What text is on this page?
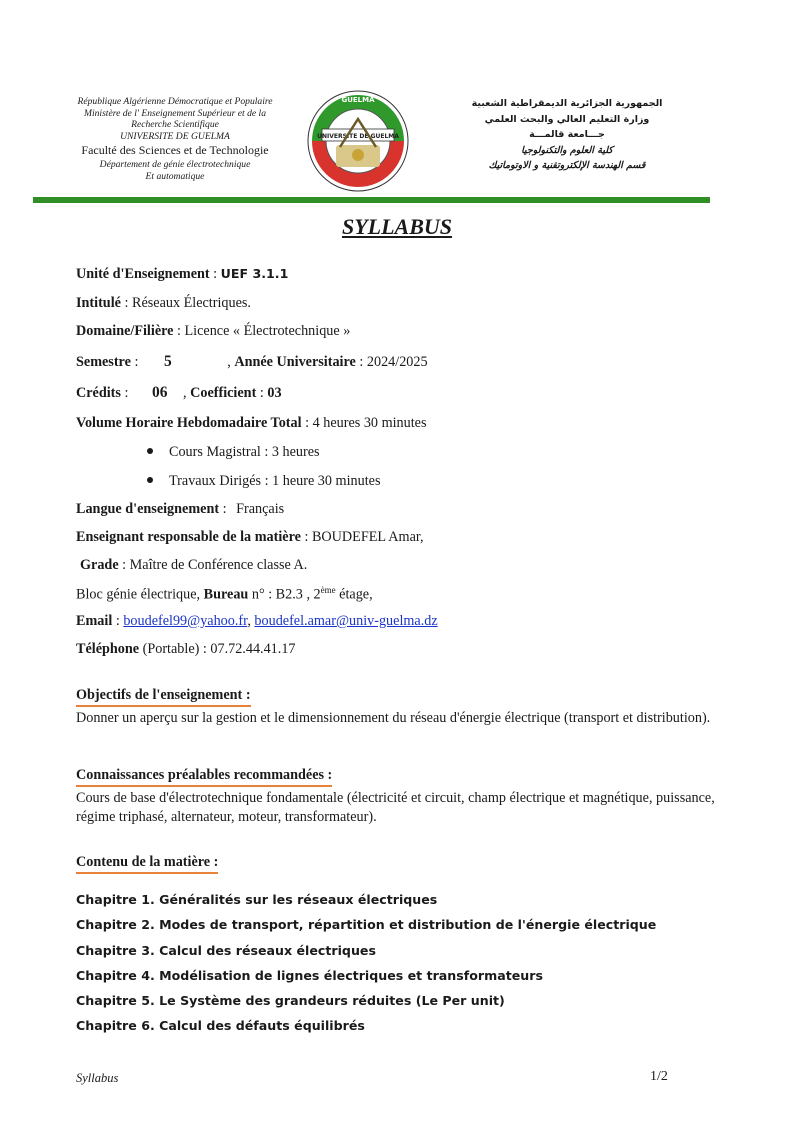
République Algérienne Démocratique et Populaire
Ministère de l' Enseignement Supérieur et de la
Recherche Scientifique
UNIVERSITE DE GUELMA
Faculté des Sciences et de Technologie
Département de génie électrotechnique
Et automatique
UNIVERSITE DE GUELMA
GUELMA	الجمهورية الجزائرية الديمقراطية الشعبية
وزارة التعليم العالي والبحث العلمي
جـــامعة قالمـــة
كلية العلوم والتكنولوجيا
قسم الهندسة الإلكتروتقنية و الاوتوماتيك
SYLLABUS
Unité d'Enseignement : UEF 3.1.1
Intitulé : Réseaux Électriques.
Domaine/Filière : Licence « Électrotechnique »
Semestre : 5	, Année Universitaire : 2024/2025
Crédits : 06 , Coefficient : 03
Volume Horaire Hebdomadaire Total : 4 heures 30 minutes
Cours Magistral : 3 heures
Travaux Dirigés : 1 heure 30 minutes
Langue d'enseignement : Français
Enseignant responsable de la matière : BOUDEFEL Amar,
Grade : Maître de Conférence classe A.
Bloc génie électrique, Bureau n° : B2.3 , 2ème étage,
Email : boudefel99@yahoo.fr, boudefel.amar@univ-guelma.dz
Téléphone (Portable) : 07.72.44.41.17
Objectifs de l'enseignement :
Donner un aperçu sur la gestion et le dimensionnement du réseau d'énergie électrique (transport et distribution).
Connaissances préalables recommandées :
Cours de base d'électrotechnique fondamentale (électricité et circuit, champ électrique et magnétique, puissance, régime triphasé, alternateur, moteur, transformateur).
Contenu de la matière :
Chapitre 1. Généralités sur les réseaux électriques
Chapitre 2. Modes de transport, répartition et distribution de l'énergie électrique
Chapitre 3. Calcul des réseaux électriques
Chapitre 4. Modélisation de lignes électriques et transformateurs
Chapitre 5. Le Système des grandeurs réduites (Le Per unit)
Chapitre 6. Calcul des défauts équilibrés
Syllabus	1/2
